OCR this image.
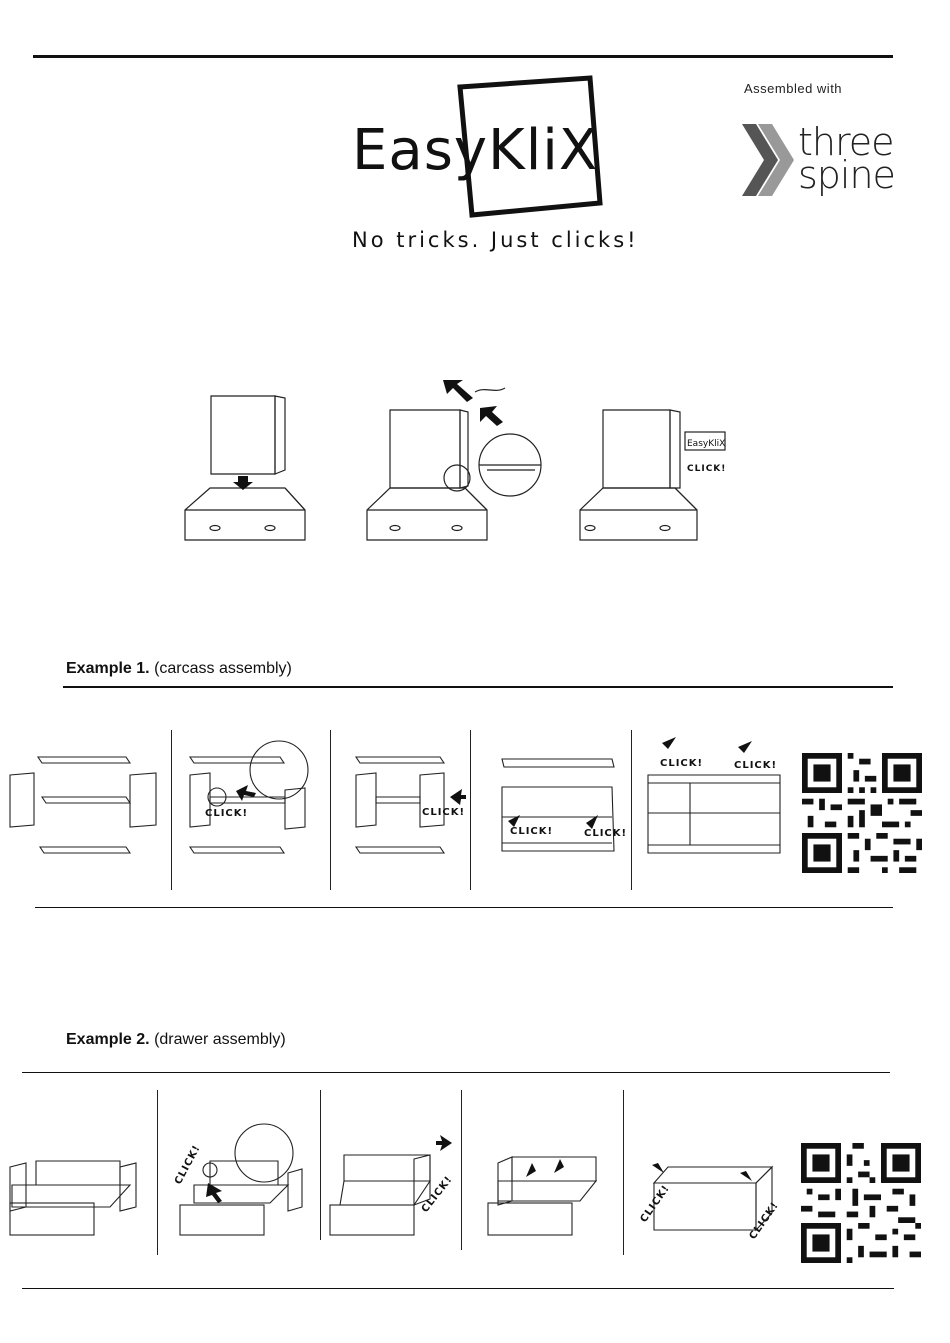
EasyKliX
No tricks. Just clicks!
Assembled with
three
spine
EasyKliX
CLICK!
Example 1. (carcass assembly)
CLICK!	CLICK!
CLICK!	CLICK!
CLICK!	CLICK!
Example 2. (drawer assembly)
CLICK!
CLICK!	CLICK!	CLICK!
